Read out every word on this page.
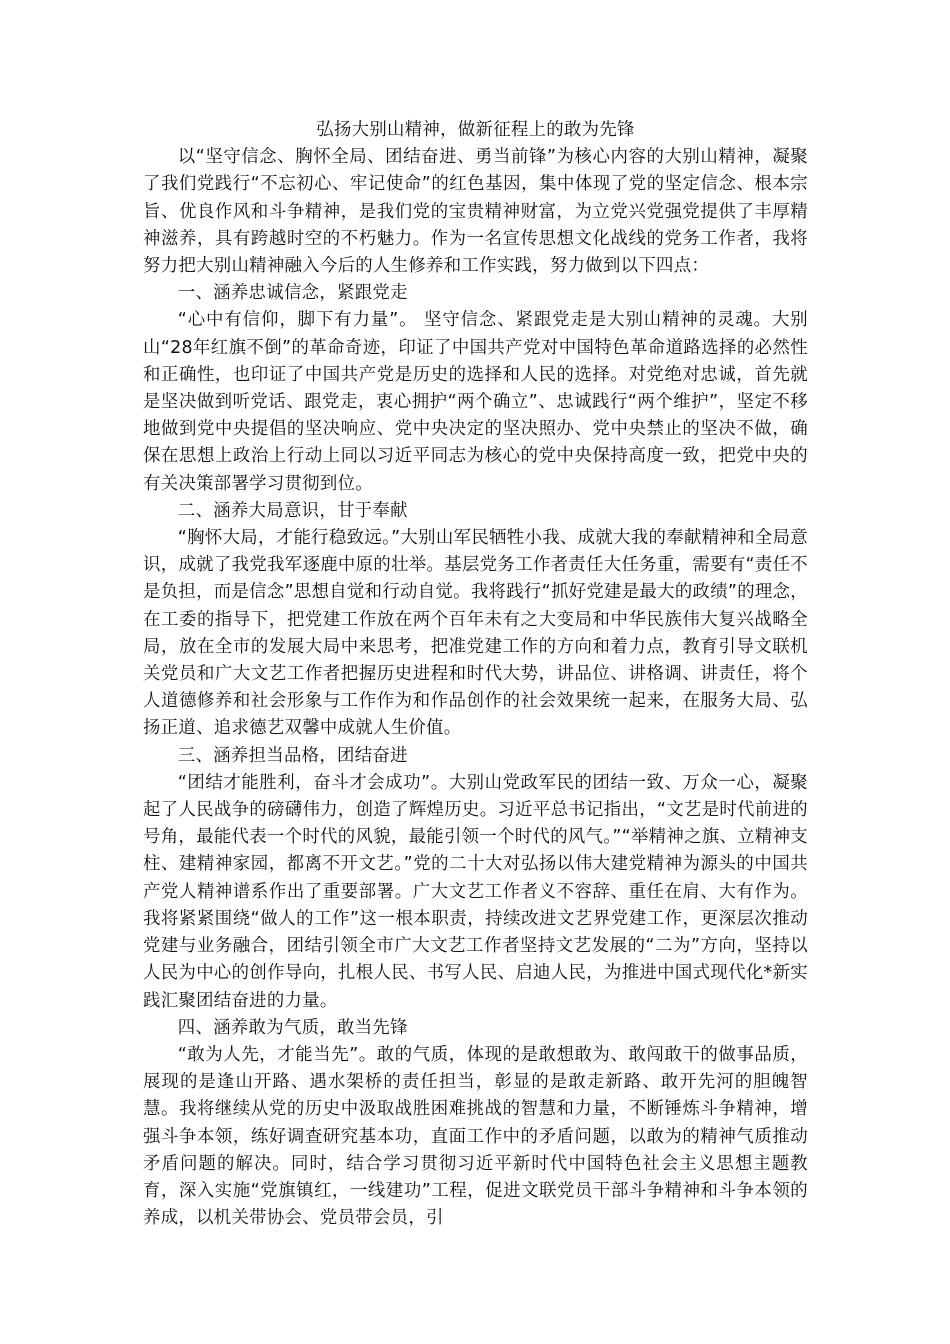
弘扬大别山精神，做新征程上的敢为先锋

以“坚守信念、胸怀全局、团结奋进、勇当前锋”为核心内容的大别山精神，凝聚了我们党践行“不忘初心、牢记使命”的红色基因，集中体现了党的坚定信念、根本宗旨、优良作风和斗争精神，是我们党的宝贵精神财富，为立党兴党强党提供了丰厚精神滋养，具有跨越时空的不朽魅力。作为一名宣传思想文化战线的党务工作者，我将努力把大别山精神融入今后的人生修养和工作实践，努力做到以下四点：

一、涵养忠诚信念，紧跟党走

“心中有信仰，脚下有力量”。 坚守信念、紧跟党走是大别山精神的灵魂。大别山“28年红旗不倒”的革命奇迹，印证了中国共产党对中国特色革命道路选择的必然性和正确性，也印证了中国共产党是历史的选择和人民的选择。对党绝对忠诚，首先就是坚决做到听党话、跟党走，衷心拥护“两个确立”、忠诚践行“两个维护”，坚定不移地做到党中央提倡的坚决响应、党中央决定的坚决照办、党中央禁止的坚决不做，确保在思想上政治上行动上同以习近平同志为核心的党中央保持高度一致，把党中央的有关决策部署学习贯彻到位。

二、涵养大局意识，甘于奉献

“胸怀大局，才能行稳致远。”大别山军民牺牲小我、成就大我的奉献精神和全局意识，成就了我党我军逐鹿中原的壮举。基层党务工作者责任大任务重，需要有“责任不是负担，而是信念”思想自觉和行动自觉。我将践行“抓好党建是最大的政绩”的理念，在工委的指导下，把党建工作放在两个百年未有之大变局和中华民族伟大复兴战略全局，放在全市的发展大局中来思考，把准党建工作的方向和着力点，教育引导文联机关党员和广大文艺工作者把握历史进程和时代大势，讲品位、讲格调、讲责任，将个人道德修养和社会形象与工作作为和作品创作的社会效果统一起来，在服务大局、弘扬正道、追求德艺双馨中成就人生价值。

三、涵养担当品格，团结奋进

“团结才能胜利，奋斗才会成功”。大别山党政军民的团结一致、万众一心，凝聚起了人民战争的磅礴伟力，创造了辉煌历史。习近平总书记指出，“文艺是时代前进的号角，最能代表一个时代的风貌，最能引领一个时代的风气。”“举精神之旗、立精神支柱、建精神家园，都离不开文艺。”党的二十大对弘扬以伟大建党精神为源头的中国共产党人精神谱系作出了重要部署。广大文艺工作者义不容辞、重任在肩、大有作为。我将紧紧围绕“做人的工作”这一根本职责，持续改进文艺界党建工作，更深层次推动党建与业务融合，团结引领全市广大文艺工作者坚持文艺发展的“二为”方向，坚持以人民为中心的创作导向，扎根人民、书写人民、启迪人民，为推进中国式现代化*新实践汇聚团结奋进的力量。

四、涵养敢为气质，敢当先锋

“敢为人先，才能当先”。敢的气质，体现的是敢想敢为、敢闯敢干的做事品质，展现的是逢山开路、遇水架桥的责任担当，彰显的是敢走新路、敢开先河的胆魄智慧。我将继续从党的历史中汲取战胜困难挑战的智慧和力量，不断锤炼斗争精神，增强斗争本领，练好调查研究基本功，直面工作中的矛盾问题，以敢为的精神气质推动矛盾问题的解决。同时，结合学习贯彻习近平新时代中国特色社会主义思想主题教育，深入实施“党旗镇红，一线建功”工程，促进文联党员干部斗争精神和斗争本领的养成，以机关带协会、党员带会员，引
